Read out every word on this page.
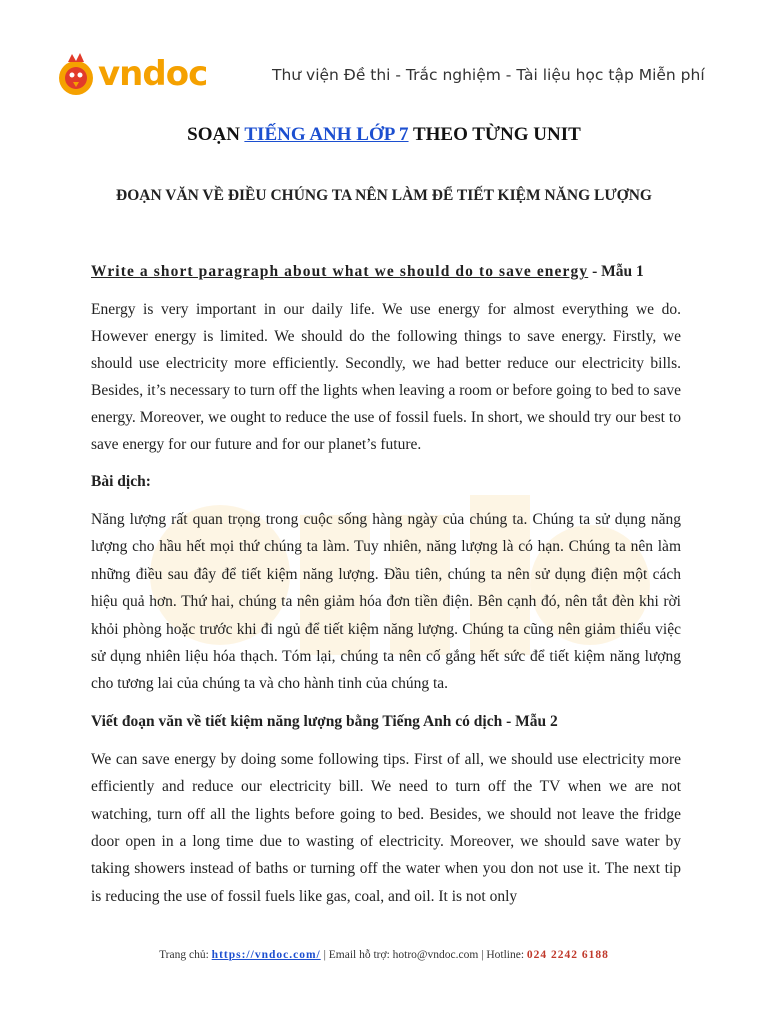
vndoc	Thư viện Đề thi - Trắc nghiệm - Tài liệu học tập Miễn phí
SOẠN TIẾNG ANH LỚP 7 THEO TỪNG UNIT
ĐOẠN VĂN VỀ ĐIỀU CHÚNG TA NÊN LÀM ĐỂ TIẾT KIỆM NĂNG LƯỢNG
Write a short paragraph about what we should do to save energy - Mẫu 1
Energy is very important in our daily life. We use energy for almost everything we do. However energy is limited. We should do the following things to save energy. Firstly, we should use electricity more efficiently. Secondly, we had better reduce our electricity bills. Besides, it’s necessary to turn off the lights when leaving a room or before going to bed to save energy. Moreover, we ought to reduce the use of fossil fuels. In short, we should try our best to save energy for our future and for our planet’s future.
Bài dịch:
Năng lượng rất quan trọng trong cuộc sống hàng ngày của chúng ta. Chúng ta sử dụng năng lượng cho hầu hết mọi thứ chúng ta làm. Tuy nhiên, năng lượng là có hạn. Chúng ta nên làm những điều sau đây để tiết kiệm năng lượng. Đầu tiên, chúng ta nên sử dụng điện một cách hiệu quả hơn. Thứ hai, chúng ta nên giảm hóa đơn tiền điện. Bên cạnh đó, nên tắt đèn khi rời khỏi phòng hoặc trước khi đi ngủ để tiết kiệm năng lượng. Chúng ta cũng nên giảm thiểu việc sử dụng nhiên liệu hóa thạch. Tóm lại, chúng ta nên cố gắng hết sức để tiết kiệm năng lượng cho tương lai của chúng ta và cho hành tinh của chúng ta.
Viết đoạn văn về tiết kiệm năng lượng bằng Tiếng Anh có dịch - Mẫu 2
We can save energy by doing some following tips. First of all, we should use electricity more efficiently and reduce our electricity bill. We need to turn off the TV when we are not watching, turn off all the lights before going to bed. Besides, we should not leave the fridge door open in a long time due to wasting of electricity. Moreover, we should save water by taking showers instead of baths or turning off the water when you don not use it. The next tip is reducing the use of fossil fuels like gas, coal, and oil. It is not only
Trang chủ: https://vndoc.com/ | Email hỗ trợ: hotro@vndoc.com | Hotline: 024 2242 6188
